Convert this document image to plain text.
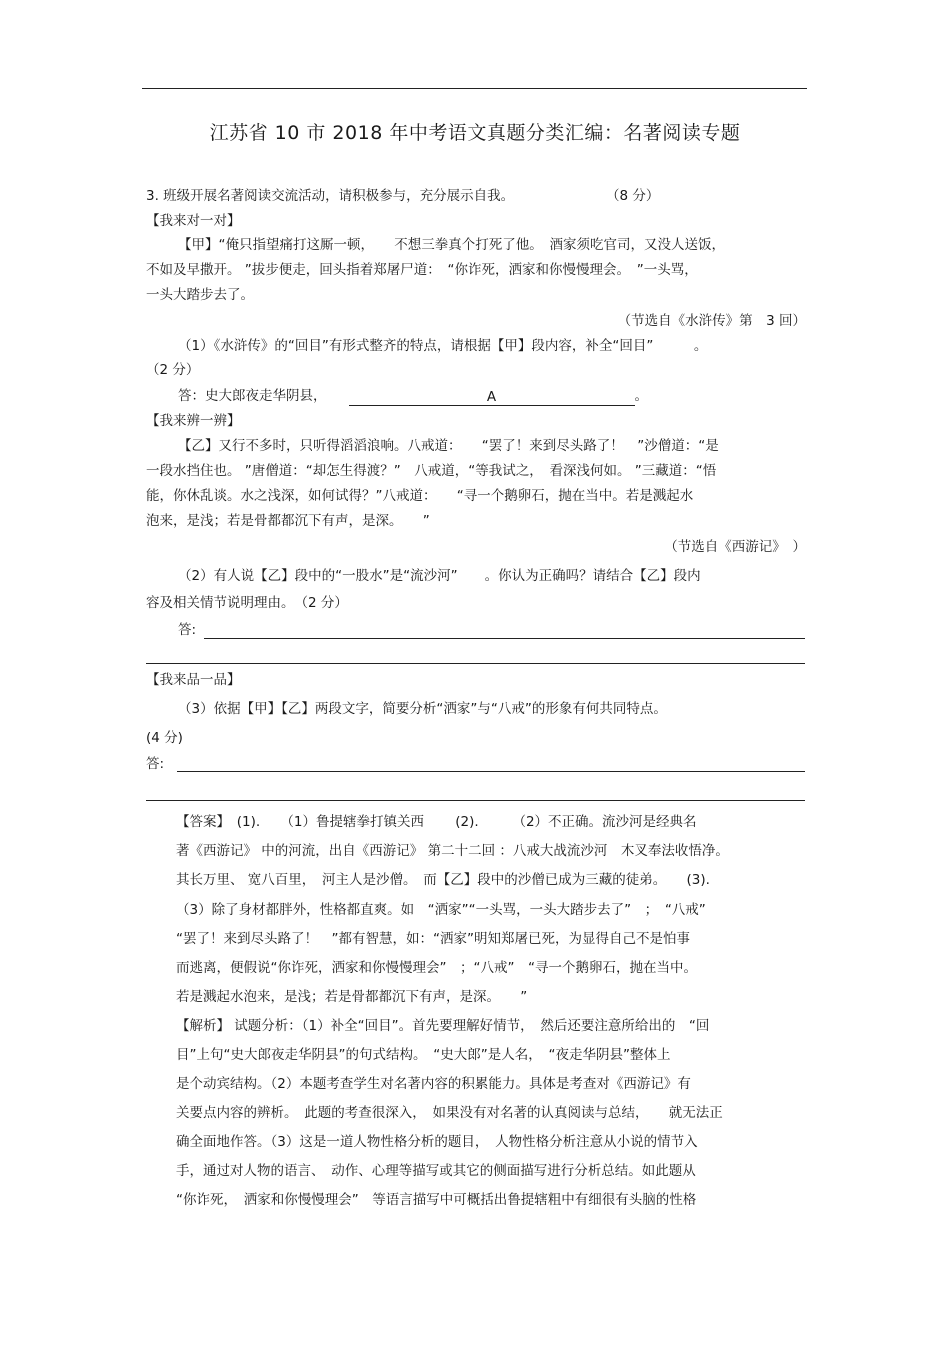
江苏省 10 市 2018 年中考语文真题分类汇编：名著阅读专题
3. 班级开展名著阅读交流活动，请积极参与，充分展示自我。	（8 分）
【我来对一对】
【甲】“俺只指望痛打这厮一顿，　　不想三拳真个打死了他。　酒家须吃官司，又没人送饭，
不如及早撒开。 ”拔步便走，回头指着郑屠尸道：　“你诈死，洒家和你慢慢理会。　”一头骂，
一头大踏步去了。
（节选自《水浒传》第　3 回）
（1）《水浒传》的“回目”有形式整齐的特点，请根据【甲】段内容，补全“回目”　　　。
（2 分）
答：史大郎夜走华阴县，	A	。
【我来辨一辨】
【乙】又行不多时，只听得滔滔浪响。八戒道：　　“罢了！来到尽头路了！　”沙僧道：“是
一段水挡住也。 ”唐僧道：“却怎生得渡？”　八戒道，“等我试之，　看深浅何如。 ”三藏道：“悟
能，你休乱谈。水之浅深，如何试得？”八戒道：　　“寻一个鹅卵石，抛在当中。若是溅起水
泡来，是浅；若是骨都都沉下有声，是深。　　”
（节选自《西游记》　）
（2）有人说【乙】段中的“一股水”是“流沙河”　　。你认为正确吗？请结合【乙】段内
容及相关情节说明理由。　（2 分）
答:
【我来品一品】
（3）依据【甲】【乙】两段文字，简要分析“洒家”与“八戒”的形象有何共同特点。
(4 分)
答:
【答案】　(1).　　（1）鲁提辖拳打镇关西　　 (2).　　　（2）不正确。流沙河是经典名
著《西游记》 中的河流，出自《西游记》 第二十二回 ：八戒大战流沙河　木叉奉法收悟净。
其长万里、 宽八百里，　河主人是沙僧。　而【乙】段中的沙僧已成为三藏的徒弟。　　(3).
（3）除了身材都胖外，性格都直爽。如　“洒家”“一头骂，一头大踏步去了”　；　“八戒”
“罢了！来到尽头路了！　”都有智慧，如：“洒家”明知郑屠已死，为显得自己不是怕事
而逃离，便假说“你诈死，洒家和你慢慢理会”　；“八戒”　“寻一个鹅卵石，抛在当中。
若是溅起水泡来，是浅；若是骨都都沉下有声，是深。　　”
【解析】 试题分析：（1）补全“回目”。首先要理解好情节，　然后还要注意所给出的　“回
目”上句“史大郎夜走华阴县”的句式结构。　“史大郎”是人名，　“夜走华阴县”整体上
是个动宾结构。（2）本题考查学生对名著内容的积累能力。具体是考查对《西游记》有
关要点内容的辨析。　此题的考查很深入，　如果没有对名著的认真阅读与总结，　　就无法正
确全面地作答。（3）这是一道人物性格分析的题目，　人物性格分析注意从小说的情节入
手，通过对人物的语言、　动作、心理等描写或其它的侧面描写进行分析总结。如此题从
“你诈死，　洒家和你慢慢理会”　等语言描写中可概括出鲁提辖粗中有细很有头脑的性格
